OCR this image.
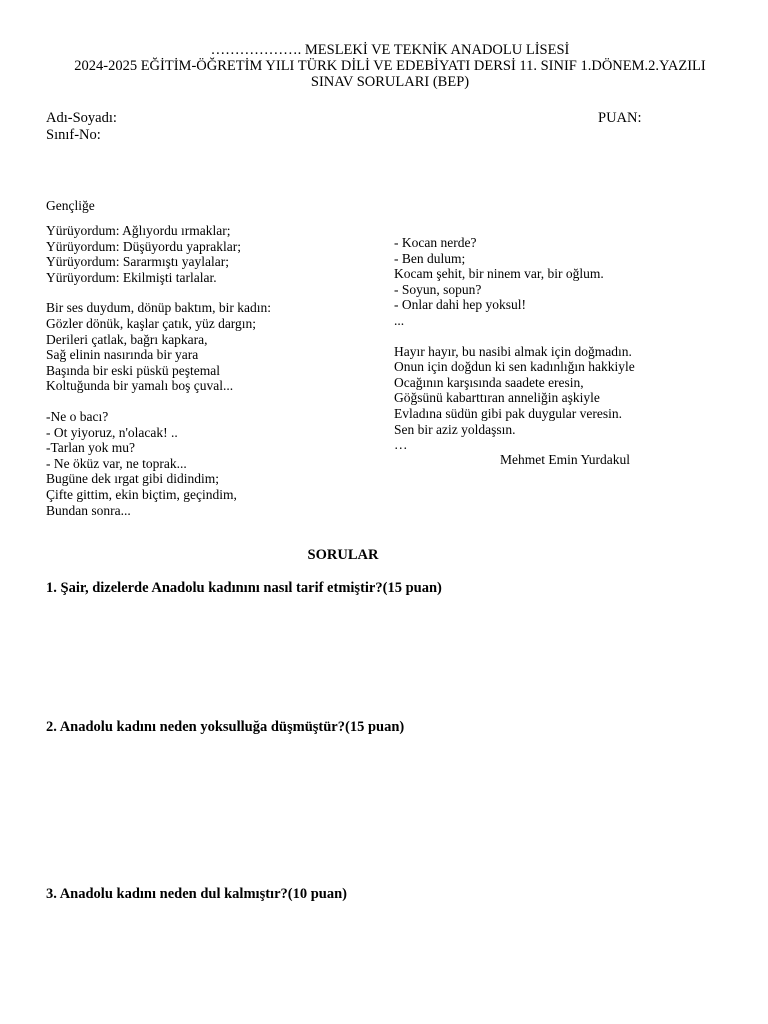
………………. MESLEKİ VE TEKNİK ANADOLU LİSESİ
2024-2025 EĞİTİM-ÖĞRETİM YILI TÜRK DİLİ VE EDEBİYATI DERSİ 11. SINIF 1.DÖNEM.2.YAZILI
SINAV SORULARI (BEP)
Adı-Soyadı:
Sınıf-No:
PUAN:
Gençliğe
Yürüyordum: Ağlıyordu ırmaklar;
Yürüyordum: Düşüyordu yapraklar;
Yürüyordum: Sararmıştı yaylalar;
Yürüyordum: Ekilmişti tarlalar.
Bir ses duydum, dönüp baktım, bir kadın:
Gözler dönük, kaşlar çatık, yüz dargın;
Derileri çatlak, bağrı kapkara,
Sağ elinin nasırında bir yara
Başında bir eski püskü peştemal
Koltuğunda bir yamalı boş çuval...
-Ne o bacı?
- Ot yiyoruz, n'olacak! ..
-Tarlan yok mu?
- Ne öküz var, ne toprak...
Bugüne dek ırgat gibi didindim;
Çifte gittim, ekin biçtim, geçindim,
Bundan sonra...
- Kocan nerde?
- Ben dulum;
Kocam şehit, bir ninem var, bir oğlum.
- Soyun, sopun?
- Onlar dahi hep yoksul!
...
Hayır hayır, bu nasibi almak için doğmadın.
Onun için doğdun ki sen kadınlığın hakkiyle
Ocağının karşısında saadete eresin,
Göğsünü kabarttıran anneliğin aşkiyle
Evladına südün gibi pak duygular veresin.
Sen bir aziz yoldaşsın.
…
Mehmet Emin Yurdakul
SORULAR
1. Şair, dizelerde Anadolu kadınını nasıl tarif etmiştir?(15 puan)
2. Anadolu kadını neden yoksulluğa düşmüştür?(15 puan)
3. Anadolu kadını neden dul kalmıştır?(10 puan)
